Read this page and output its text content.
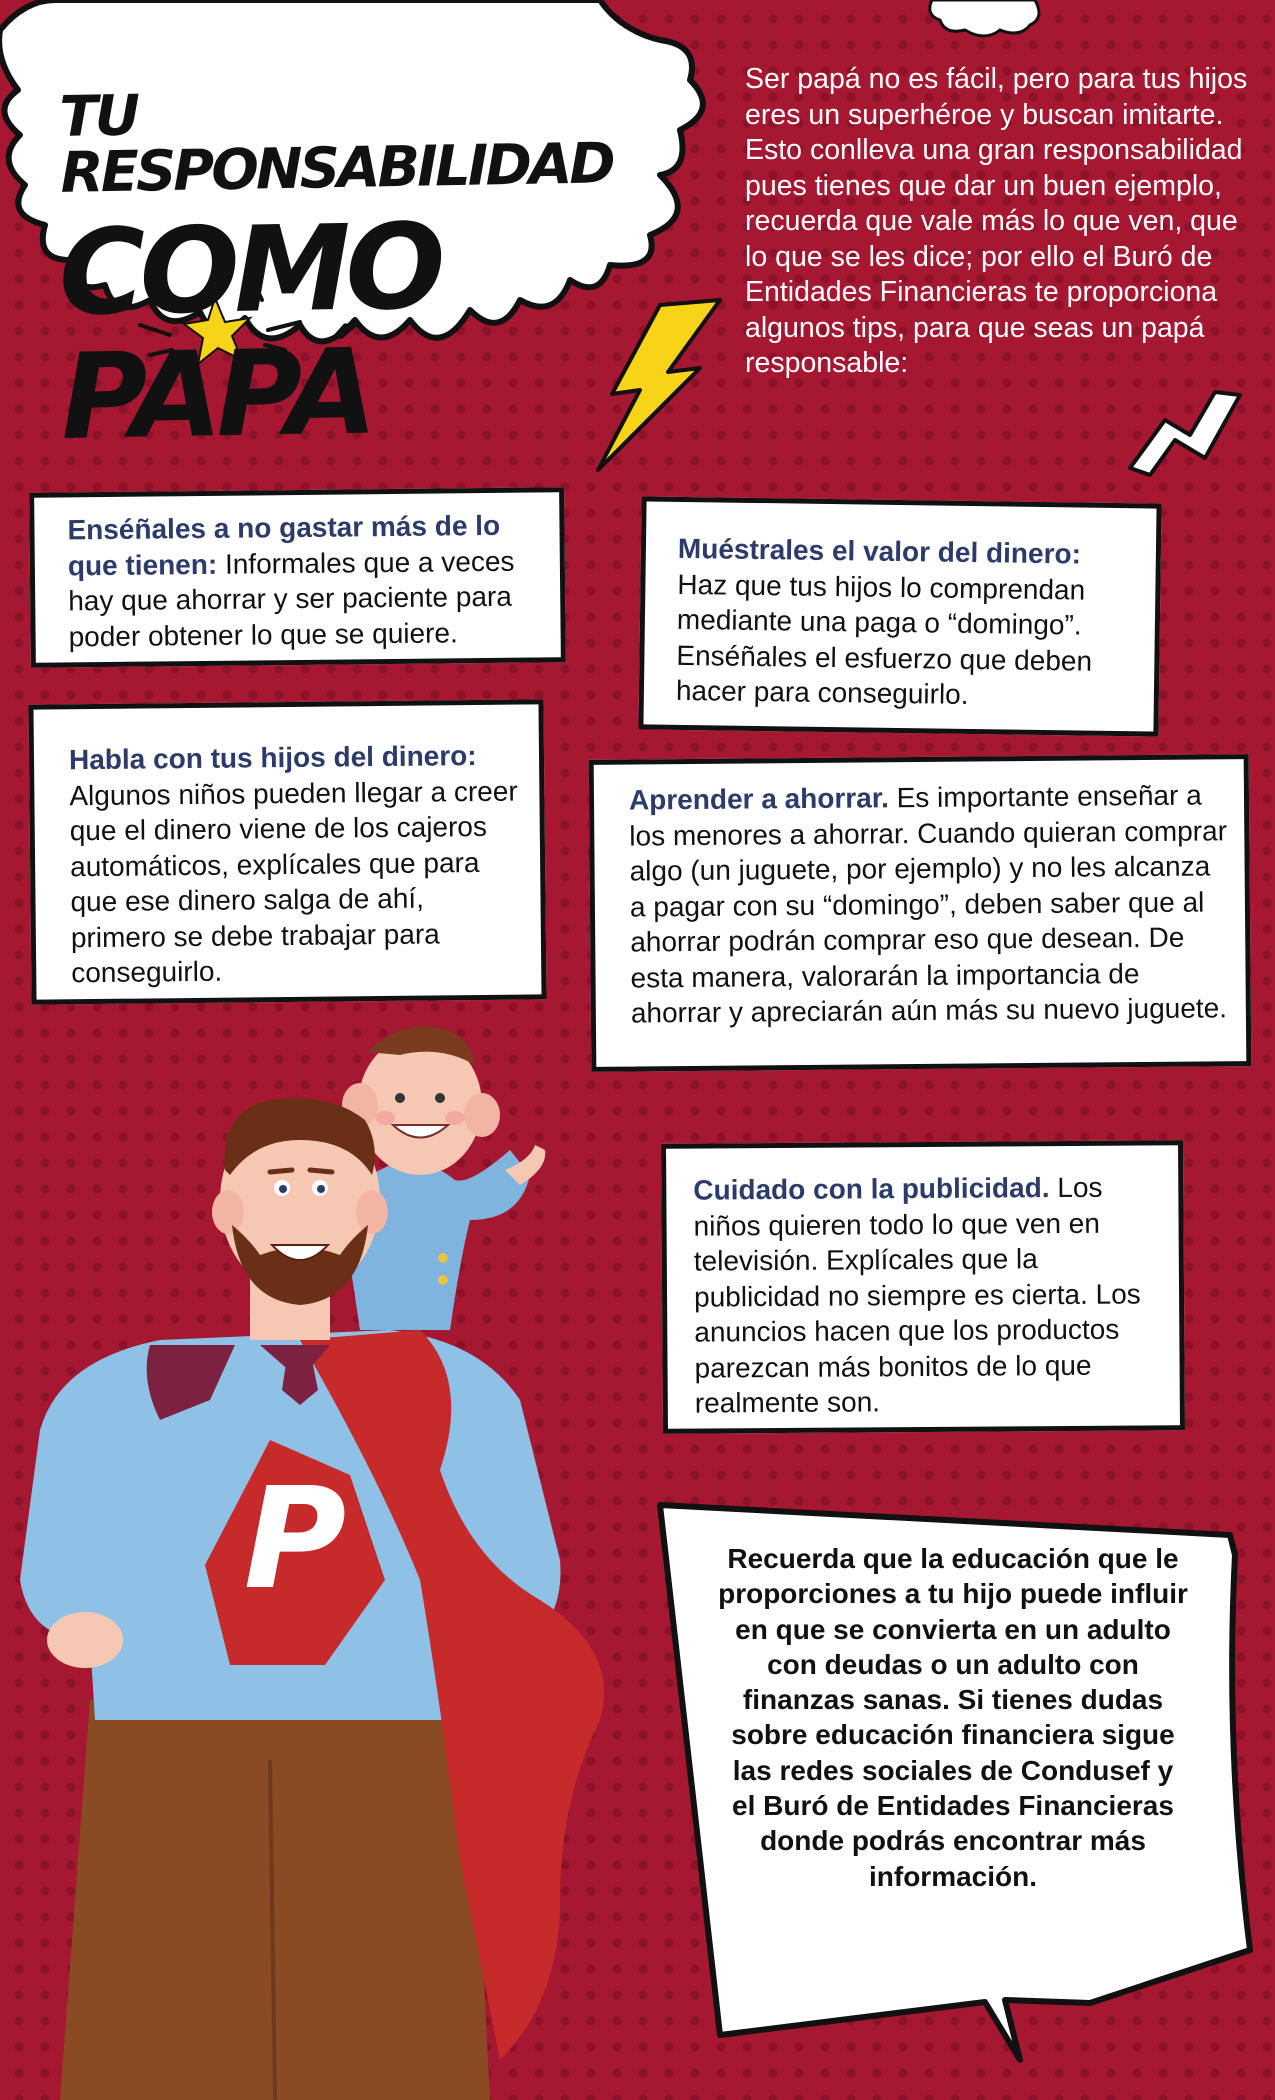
P
TU RESPONSABILIDAD
COMO PAPÁ
Ser papá no es fácil, pero para tus hijos eres un superhéroe y buscan imitarte. Esto conlleva una gran responsabilidad pues tienes que dar un buen ejemplo, recuerda que vale más lo que ven, que lo que se les dice; por ello el Buró de Entidades Financieras te proporciona algunos tips, para que seas un papá responsable:
Enséñales a no gastar más de lo que tienen: Informales que a veces hay que ahorrar y ser paciente para poder obtener lo que se quiere.
Muéstrales el valor del dinero: Haz que tus hijos lo comprendan mediante una paga o “domingo”. Enséñales el esfuerzo que deben hacer para conseguirlo.
Habla con tus hijos del dinero: Algunos niños pueden llegar a creer que el dinero viene de los cajeros automáticos, explícales que para que ese dinero salga de ahí, primero se debe trabajar para conseguirlo.
Aprender a ahorrar. Es importante enseñar a los menores a ahorrar. Cuando quieran comprar algo (un juguete, por ejemplo) y no les alcanza a pagar con su “domingo”, deben saber que al ahorrar podrán comprar eso que desean. De esta manera, valorarán la importancia de ahorrar y apreciarán aún más su nuevo juguete.
Cuidado con la publicidad. Los niños quieren todo lo que ven en televisión. Explícales que la publicidad no siempre es cierta. Los anuncios hacen que los productos parezcan más bonitos de lo que realmente son.
Recuerda que la educación que le proporciones a tu hijo puede influir en que se convierta en un adulto con deudas o un adulto con finanzas sanas. Si tienes dudas sobre educación financiera sigue las redes sociales de Condusef y el Buró de Entidades Financieras donde podrás encontrar más información.
